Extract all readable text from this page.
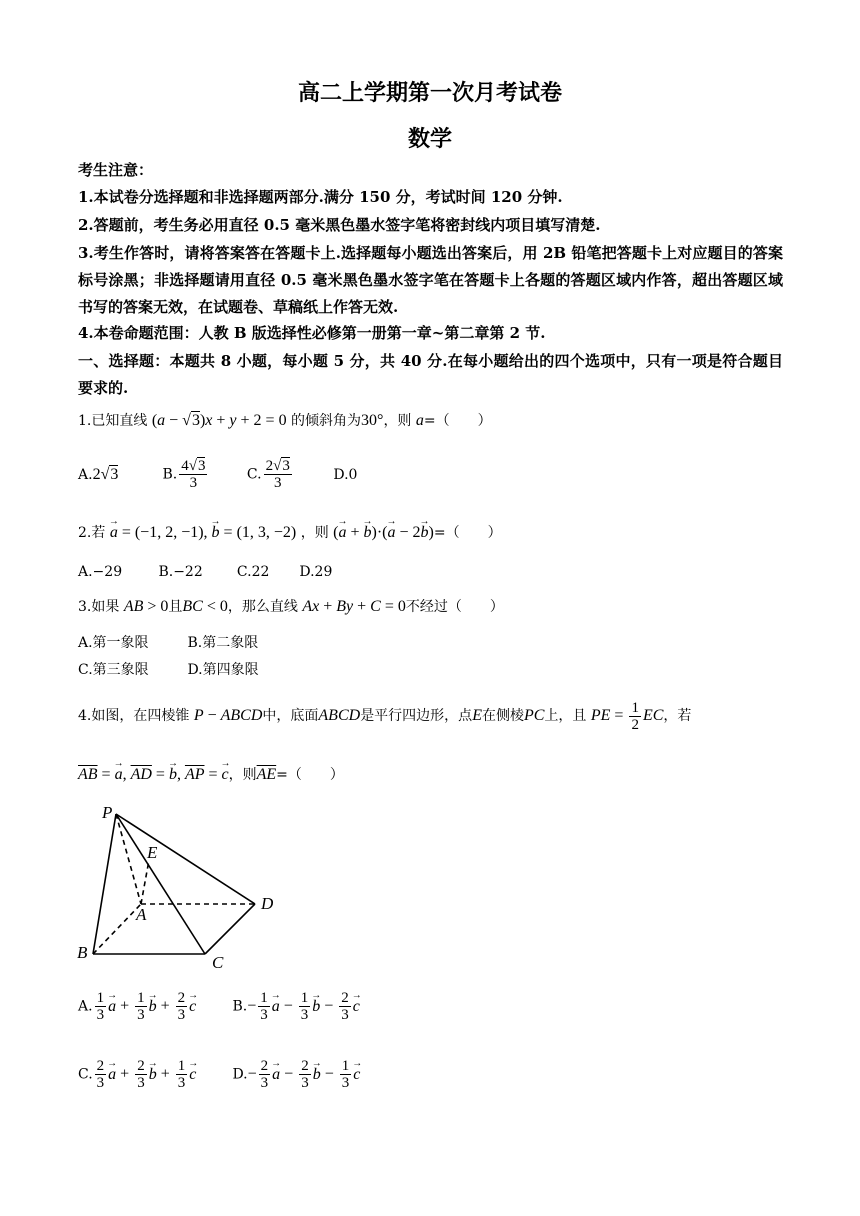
高二上学期第一次月考试卷
数学
考生注意：
1.本试卷分选择题和非选择题两部分.满分 150 分，考试时间 120 分钟.
2.答题前，考生务必用直径 0.5 毫米黑色墨水签字笔将密封线内项目填写清楚.
3.考生作答时，请将答案答在答题卡上.选择题每小题选出答案后，用 2B 铅笔把答题卡上对应题目的答案标号涂黑；非选择题请用直径 0.5 毫米黑色墨水签字笔在答题卡上各题的答题区域内作答，超出答题区域书写的答案无效，在试题卷、草稿纸上作答无效.
4.本卷命题范围：人教 B 版选择性必修第一册第一章~第二章第 2 节.
一、选择题：本题共 8 小题，每小题 5 分，共 40 分.在每小题给出的四个选项中，只有一项是符合题目要求的.
1.已知直线 (a − √3)x + y + 2 = 0 的倾斜角为30°，则 a=（　　）
A.2√3	B. $\frac{4√3}{3}$	C. $\frac{2√3}{3}$	D.0
2.若 → a = (−1, 2, −1), → b = (1, 3, −2) ，则 (→ a + → b)·(→ a − 2→ b)=（　　）
A.−29	B.−22 C.22 D.29
3.如果 AB > 0且BC < 0，那么直线 Ax + By + C = 0不经过（　　）
A.第一象限	B.第二象限
C.第三象限	D.第四象限
4.如图，在四棱锥 P − ABCD中，底面ABCD是平行四边形，点E在侧棱PC上，且 PE = $\frac{1}{2}$ EC，若
$\overline{AB}$ = → a, $\overline{AD}$ = → b, $\overline{AP}$ = → c，则$\overline{AE}=$（　　）
P
E
A
D
B
C
A. $\frac{1}{3} \to a + \frac{1}{3} \to b + \frac{2}{3} \to c$	$B.- \frac{1}{3} \to a - \frac{1}{3} \to b - \frac{2}{3} \to c$
C. $\frac{2}{3} \to a + \frac{2}{3} \to b + \frac{1}{3} \to c$	$D.- \frac{2}{3} \to a - \frac{2}{3} \to b - \frac{1}{3} \to c$
